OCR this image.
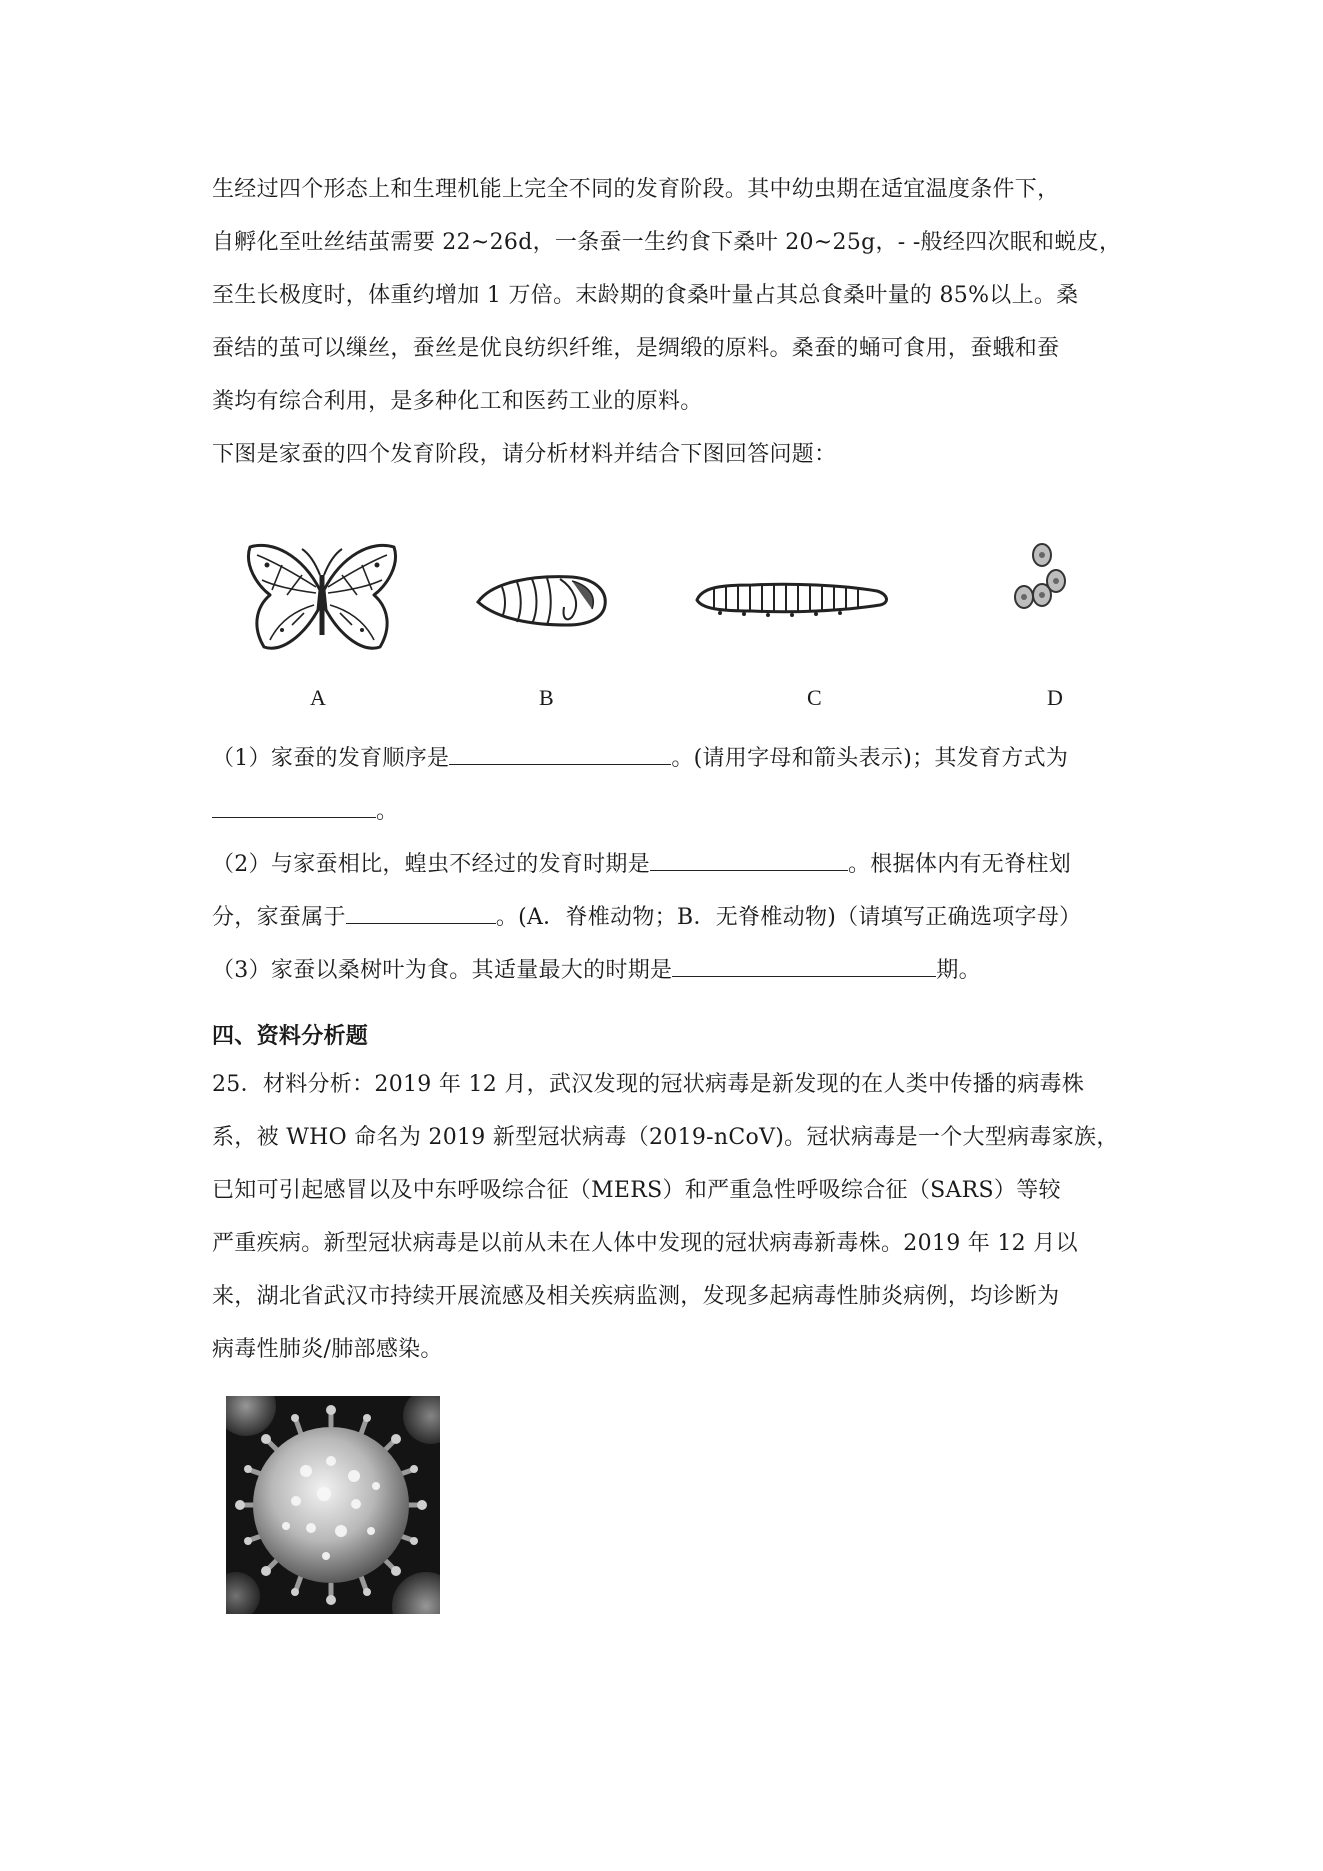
生经过四个形态上和生理机能上完全不同的发育阶段。其中幼虫期在适宜温度条件下，
自孵化至吐丝结茧需要 22~26d，一条蚕一生约食下桑叶 20~25g，- -般经四次眠和蜕皮，
至生长极度时，体重约增加 1 万倍。末龄期的食桑叶量占其总食桑叶量的 85%以上。桑
蚕结的茧可以缫丝，蚕丝是优良纺织纤维，是绸缎的原料。桑蚕的蛹可食用，蚕蛾和蚕
粪均有综合利用，是多种化工和医药工业的原料。
下图是家蚕的四个发育阶段，请分析材料并结合下图回答问题：
A	B	C	D
（1）家蚕的发育顺序是	。(请用字母和箭头表示)；其发育方式为
。
（2）与家蚕相比，蝗虫不经过的发育时期是	。根据体内有无脊柱划
分，家蚕属于	。(A．脊椎动物；B．无脊椎动物)（请填写正确选项字母）
（3）家蚕以桑树叶为食。其适量最大的时期是	期。
四、资料分析题
25．材料分析：2019 年 12 月，武汉发现的冠状病毒是新发现的在人类中传播的病毒株
系，被 WHO 命名为 2019 新型冠状病毒（2019-nCoV)。冠状病毒是一个大型病毒家族，
已知可引起感冒以及中东呼吸综合征（MERS）和严重急性呼吸综合征（SARS）等较
严重疾病。新型冠状病毒是以前从未在人体中发现的冠状病毒新毒株。2019 年 12 月以
来，湖北省武汉市持续开展流感及相关疾病监测，发现多起病毒性肺炎病例，均诊断为
病毒性肺炎/肺部感染。
